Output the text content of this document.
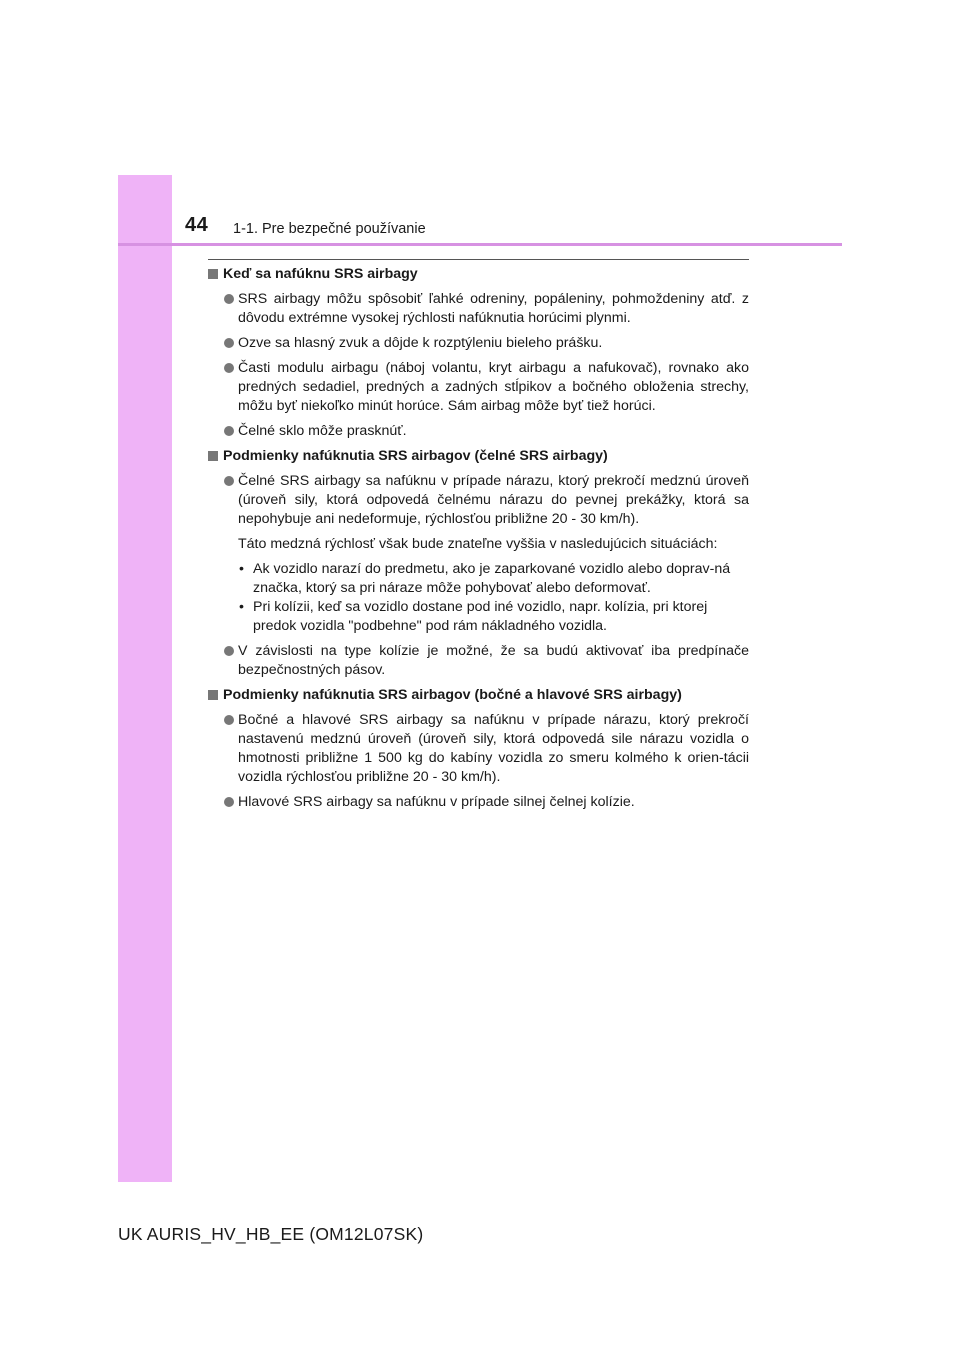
44 1-1. Pre bezpečné používanie
Keď sa nafúknu SRS airbagy
SRS airbagy môžu spôsobiť ľahké odreniny, popáleniny, pohmoždeniny atď. z dôvodu extrémne vysokej rýchlosti nafúknutia horúcimi plynmi.
Ozve sa hlasný zvuk a dôjde k rozptýleniu bieleho prášku.
Časti modulu airbagu (náboj volantu, kryt airbagu a nafukovač), rovnako ako predných sedadiel, predných a zadných stĺpikov a bočného obloženia strechy, môžu byť niekoľko minút horúce. Sám airbag môže byť tiež horúci.
Čelné sklo môže prasknúť.
Podmienky nafúknutia SRS airbagov (čelné SRS airbagy)
Čelné SRS airbagy sa nafúknu v prípade nárazu, ktorý prekročí medznú úroveň (úroveň sily, ktorá odpovedá čelnému nárazu do pevnej prekážky, ktorá sa nepohybuje ani nedeformuje, rýchlosťou približne 20 - 30 km/h).
Táto medzná rýchlosť však bude znateľne vyššia v nasledujúcich situáciách:
• Ak vozidlo narazí do predmetu, ako je zaparkované vozidlo alebo doprav-ná značka, ktorý sa pri náraze môže pohybovať alebo deformovať.
• Pri kolízii, keď sa vozidlo dostane pod iné vozidlo, napr. kolízia, pri ktorej predok vozidla "podbehne" pod rám nákladného vozidla.
V závislosti na type kolízie je možné, že sa budú aktivovať iba predpínače bezpečnostných pásov.
Podmienky nafúknutia SRS airbagov (bočné a hlavové SRS airbagy)
Bočné a hlavové SRS airbagy sa nafúknu v prípade nárazu, ktorý prekročí nastavenú medznú úroveň (úroveň sily, ktorá odpovedá sile nárazu vozidla o hmotnosti približne 1 500 kg do kabíny vozidla zo smeru kolmého k orien-tácii vozidla rýchlosťou približne 20 - 30 km/h).
Hlavové SRS airbagy sa nafúknu v prípade silnej čelnej kolízie.
UK AURIS_HV_HB_EE (OM12L07SK)
